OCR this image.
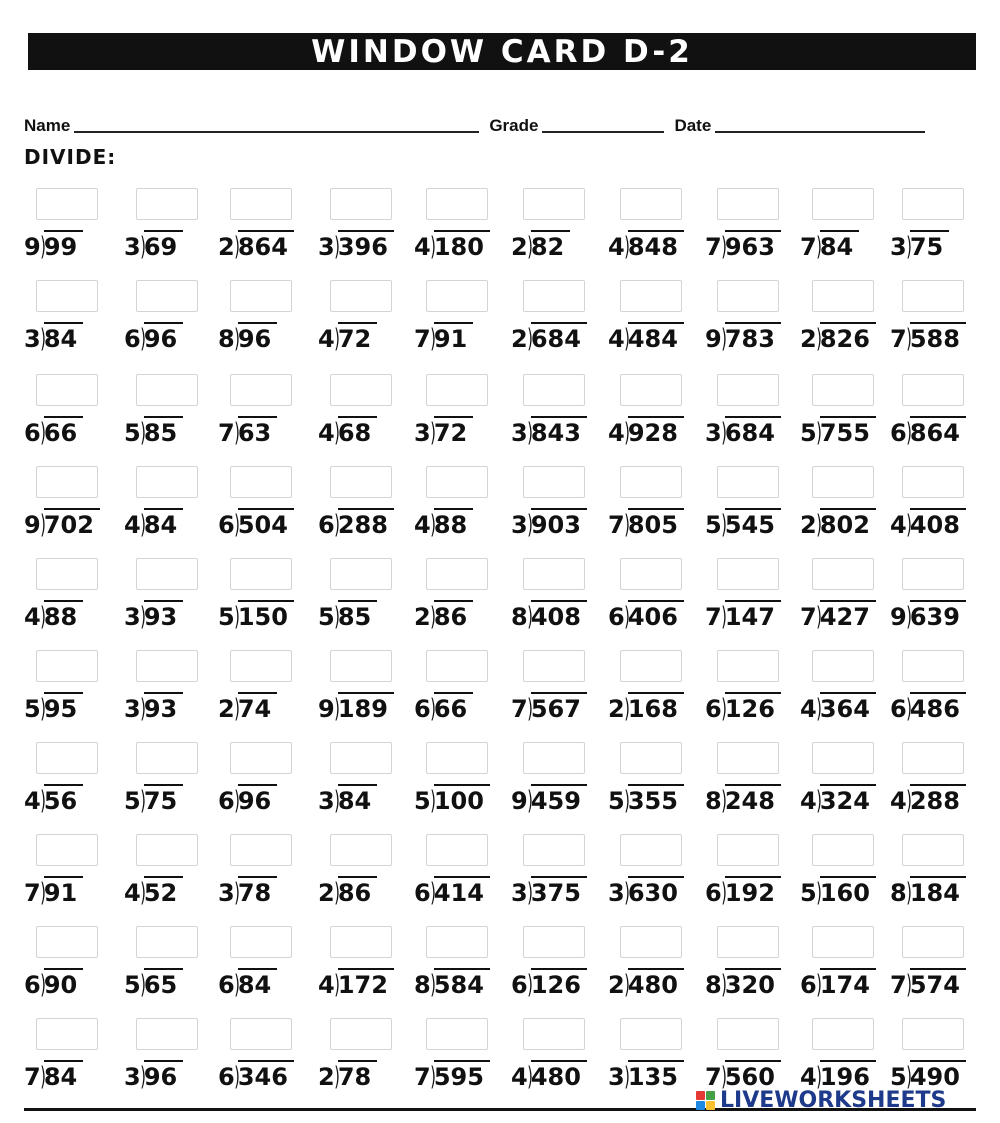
WINDOW CARD D-2
Name	Grade	Date
DIVIDE:
9)99 3)69 2)864 3)396 4)180 2)82 4)848 7)963 7)84 3)75
3)84 6)96 8)96 4)72 7)91 2)684 4)484 9)783 2)826 7)588
6)66 5)85 7)63 4)68 3)72 3)843 4)928 3)684 5)755 6)864
9)702 4)84 6)504 6)288 4)88 3)903 7)805 5)545 2)802 4)408
4)88 3)93 5)150 5)85 2)86 8)408 6)406 7)147 7)427 9)639
5)95 3)93 2)74 9)189 6)66 7)567 2)168 6)126 4)364 6)486
4)56 5)75 6)96 3)84 5)100 9)459 5)355 8)248 4)324 4)288
7)91 4)52 3)78 2)86 6)414 3)375 3)630 6)192 5)160 8)184
6)90 5)65 6)84 4)172 8)584 6)126 2)480 8)320 6)174 7)574
7)84 3)96 6)346 2)78 7)595 4)480 3)135 7)560 4)196 5)490
LIVEWORKSHEETS
